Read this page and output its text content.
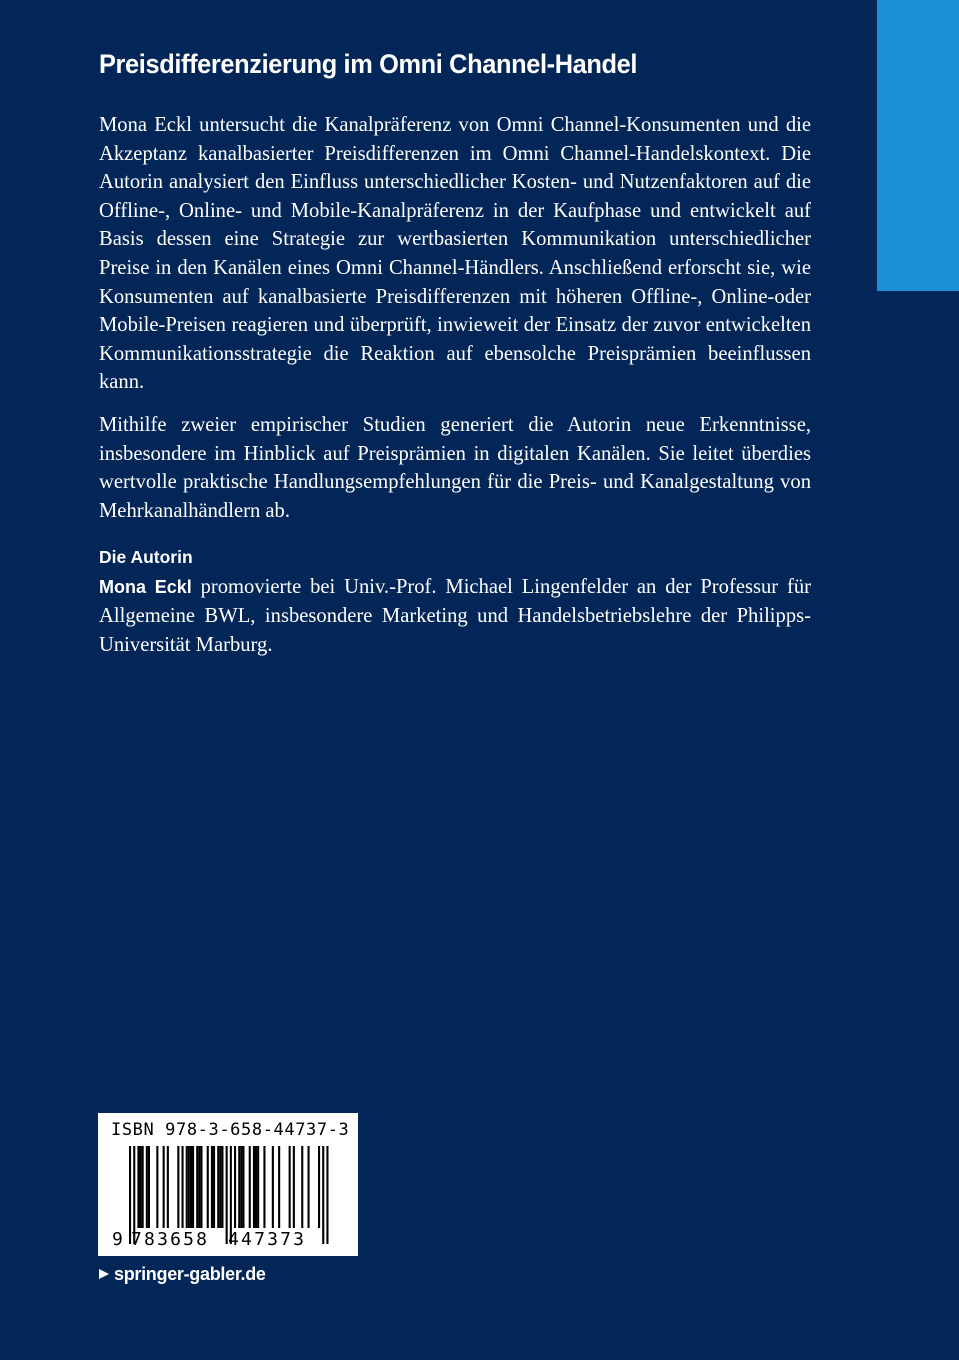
Preisdifferenzierung im Omni Channel-Handel

Mona Eckl untersucht die Kanalpräferenz von Omni Channel-Konsumenten und die Akzeptanz kanalbasierter Preisdifferenzen im Omni Channel-Handelskontext. Die Autorin analysiert den Einfluss unterschiedlicher Kosten- und Nutzenfaktoren auf die Offline-, Online- und Mobile-Kanalpräferenz in der Kaufphase und entwickelt auf Basis dessen eine Strategie zur wertbasierten Kommunikation unterschiedlicher Preise in den Kanälen eines Omni Channel-Händlers. Anschließend erforscht sie, wie Konsumenten auf kanalbasierte Preisdifferenzen mit höheren Offline-, Online-oder Mobile-Preisen reagieren und überprüft, inwieweit der Einsatz der zuvor entwickelten Kommunikationsstrategie die Reaktion auf ebensolche Preisprämien beeinflussen kann.

Mithilfe zweier empirischer Studien generiert die Autorin neue Erkenntnisse, insbesondere im Hinblick auf Preisprämien in digitalen Kanälen. Sie leitet überdies wertvolle praktische Handlungsempfehlungen für die Preis- und Kanalgestaltung von Mehrkanalhändlern ab.

Die Autorin

Mona Eckl promovierte bei Univ.-Prof. Michael Lingenfelder an der Professur für Allgemeine BWL, insbesondere Marketing und Handelsbetriebslehre der Philipps-Universität Marburg.

ISBN 978-3-658-44737-3
9 783658 447373
springer-gabler.de
